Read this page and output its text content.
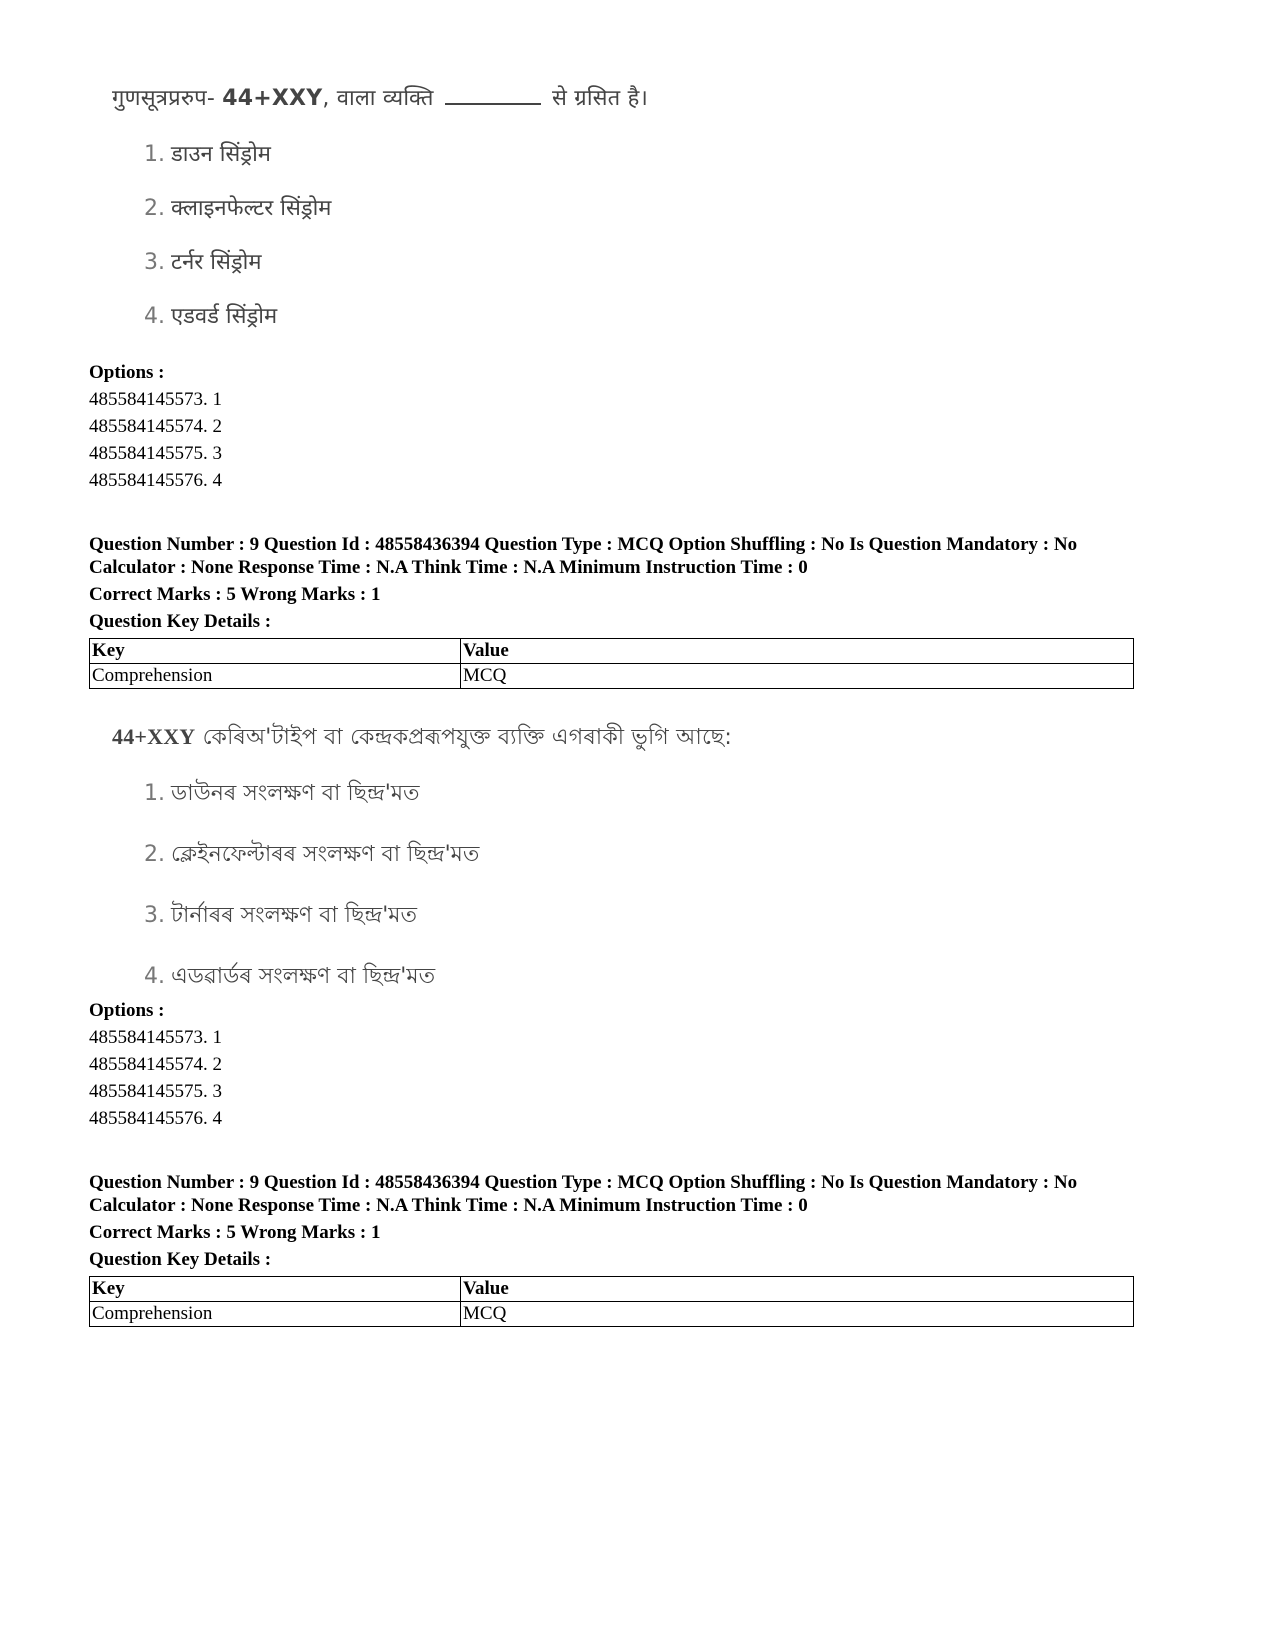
गुणसूत्रप्ररुप- 44+XXY, वाला व्यक्ति	से ग्रसित है।
1. डाउन सिंड्रोम
2. क्लाइनफेल्टर सिंड्रोम
3. टर्नर सिंड्रोम
4. एडवर्ड सिंड्रोम
Options :
485584145573. 1
485584145574. 2
485584145575. 3
485584145576. 4

Question Number : 9 Question Id : 48558436394 Question Type : MCQ Option Shuffling : No Is Question Mandatory : No

Calculator : None Response Time : N.A Think Time : N.A Minimum Instruction Time : 0

Correct Marks : 5 Wrong Marks : 1

Question Key Details :

Key	Value
Comprehension	MCQ
44+XXY কেৰিঅ'টাইপ বা কেন্দ্ৰকপ্ৰৰূপযুক্ত ব্যক্তি এগৰাকী ভুগি আছে:
1. ডাউনৰ সংলক্ষণ বা ছিন্দ্ৰ'মত
2. ক্লেইনফেল্টাৰৰ সংলক্ষণ বা ছিন্দ্ৰ'মত
3. টাৰ্নাৰৰ সংলক্ষণ বা ছিন্দ্ৰ'মত
4. এডৱাৰ্ডৰ সংলক্ষণ বা ছিন্দ্ৰ'মত
Options :
485584145573. 1
485584145574. 2
485584145575. 3
485584145576. 4

Question Number : 9 Question Id : 48558436394 Question Type : MCQ Option Shuffling : No Is Question Mandatory : No

Calculator : None Response Time : N.A Think Time : N.A Minimum Instruction Time : 0

Correct Marks : 5 Wrong Marks : 1

Question Key Details :

Key	Value
Comprehension	MCQ
